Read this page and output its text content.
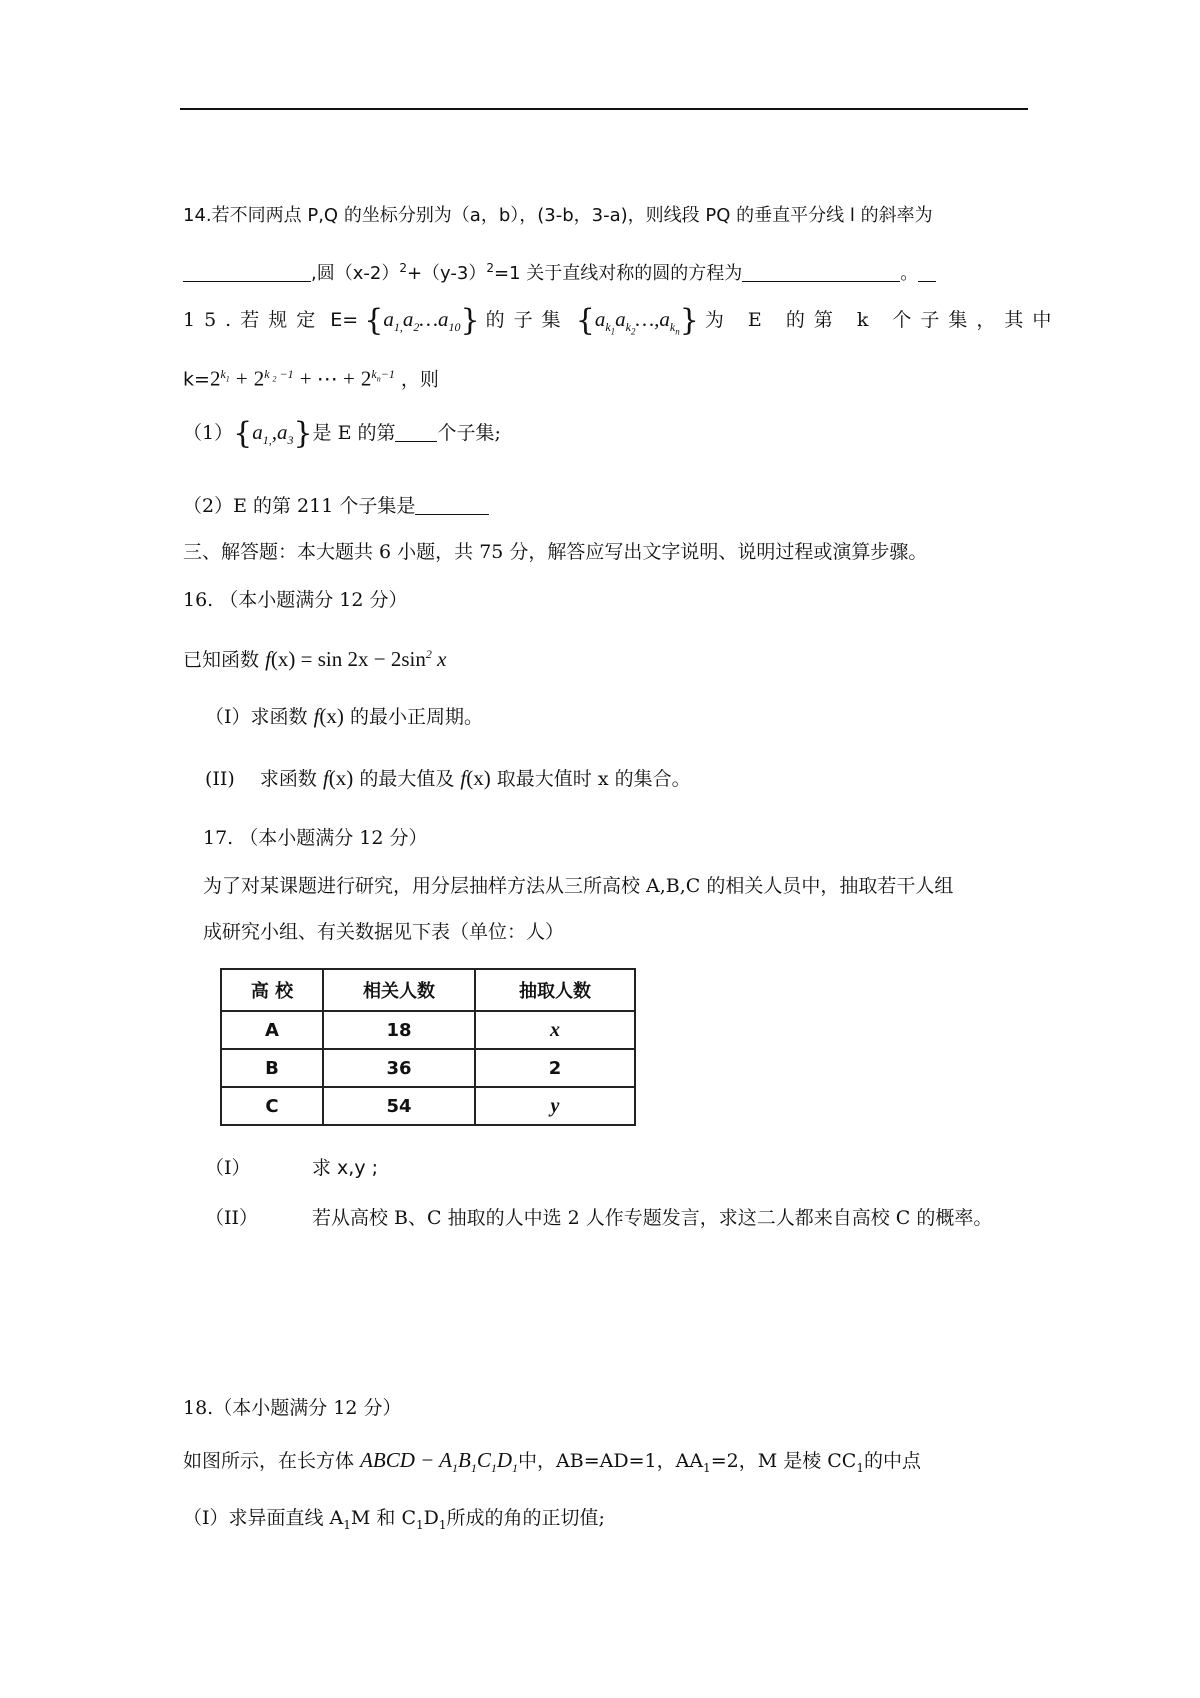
14.若不同两点 P,Q 的坐标分别为（a，b），(3-b，3-a)，则线段 PQ 的垂直平分线 l 的斜率为
,圆$(x-2)^2+(y-3)^2=1$ 关于直线对称的圆的方程为	。
15.若规定 $E= \{a_{1,}a_2\dots a_{10}\}$ 的子集 $\{a_{k_1}a_{k_2}\dots,a_{k_n}\}$ 为 E 的第 k 个子集，其中
$k=2^{k_1} + 2^{k _2 -1}$ + ⋯ + $2^{k_n-1}$ ，则
$(1)\{a_{1,},a_3\}$是 E 的第 个子集;
（2）E 的第 211 个子集是
三、解答题：本大题共 6 小题，共 75 分，解答应写出文字说明、说明过程或演算步骤。
16. （本小题满分 12 分）
已知函数 $f(x) = \sin 2x - 2\sin^2$ x
（I）求函数 f(x) 的最小正周期。
(II)　 求函数 f(x) 的最大值及 f(x) 取最大值时 x 的集合。
17. （本小题满分 12 分）
为了对某课题进行研究，用分层抽样方法从三所高校 A,B,C 的相关人员中，抽取若干人组
成研究小组、有关数据见下表（单位：人）
高 校	相关人数	抽取人数
A	18	x
B	36	2
C	54	y
（I）	求 x,y ;
（II）	若从高校 B、C 抽取的人中选 2 人作专题发言，求这二人都来自高校 C 的概率。
18.（本小题满分 12 分）
如图所示，在长方体 ABCD − $A_1B_1C_1D_1$中，AB=AD=1，$AA_1=2$，M 是棱 $CC_1$的中点
（Ⅰ）求异面直线 $A_1M$ 和 $C_1D_1$所成的角的正切值;
